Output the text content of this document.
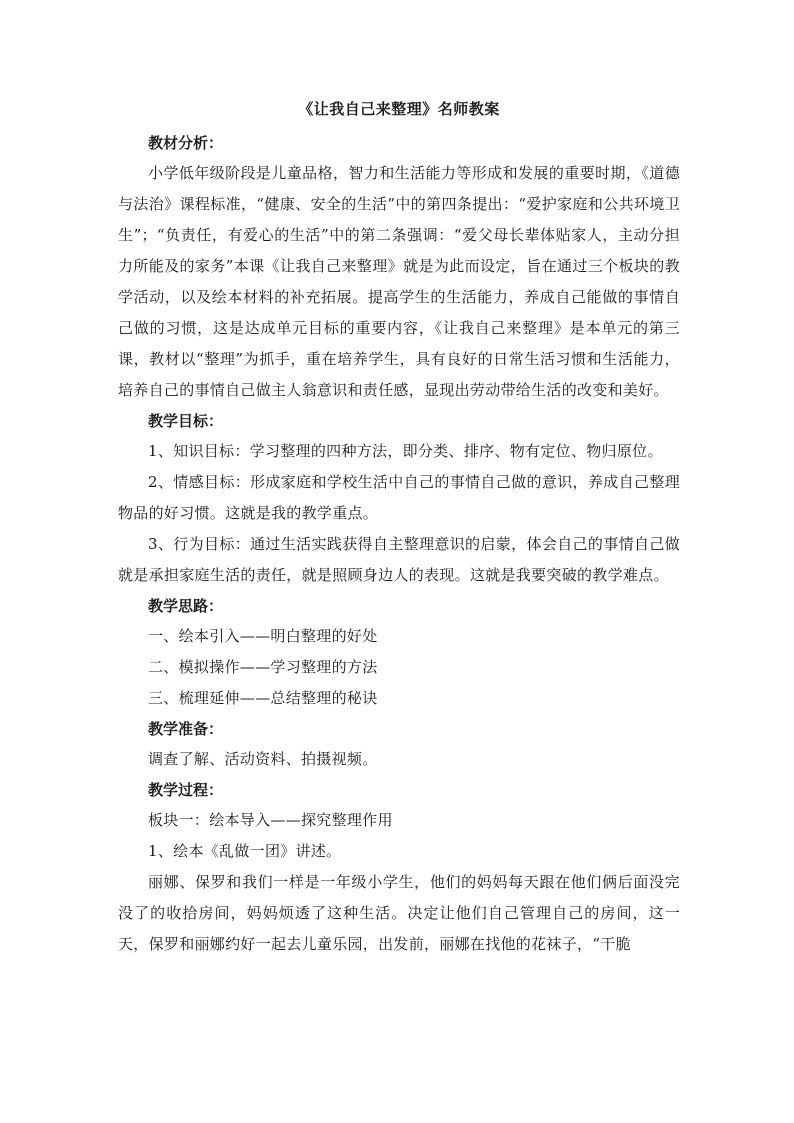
《让我自己来整理》名师教案
教材分析：

小学低年级阶段是儿童品格，智力和生活能力等形成和发展的重要时期，《道德与法治》课程标准，“健康、安全的生活”中的第四条提出：“爱护家庭和公共环境卫生”；“负责任，有爱心的生活”中的第二条强调：“爱父母长辈体贴家人，主动分担力所能及的家务”本课《让我自己来整理》就是为此而设定，旨在通过三个板块的教学活动，以及绘本材料的补充拓展。提高学生的生活能力，养成自己能做的事情自己做的习惯，这是达成单元目标的重要内容，《让我自己来整理》是本单元的第三课，教材以“整理”为抓手，重在培养学生，具有良好的日常生活习惯和生活能力，培养自己的事情自己做主人翁意识和责任感，显现出劳动带给生活的改变和美好。

教学目标：

1、知识目标：学习整理的四种方法，即分类、排序、物有定位、物归原位。

2、情感目标：形成家庭和学校生活中自己的事情自己做的意识，养成自己整理物品的好习惯。这就是我的教学重点。

3、行为目标：通过生活实践获得自主整理意识的启蒙，体会自己的事情自己做就是承担家庭生活的责任，就是照顾身边人的表现。这就是我要突破的教学难点。

教学思路：

一、绘本引入——明白整理的好处

二、模拟操作——学习整理的方法

三、梳理延伸——总结整理的秘诀

教学准备：

调查了解、活动资料、拍摄视频。

教学过程：

板块一：绘本导入——探究整理作用

1、绘本《乱做一团》讲述。

丽娜、保罗和我们一样是一年级小学生，他们的妈妈每天跟在他们俩后面没完没了的收拾房间，妈妈烦透了这种生活。决定让他们自己管理自己的房间，这一天，保罗和丽娜约好一起去儿童乐园，出发前，丽娜在找他的花袜子，“干脆
